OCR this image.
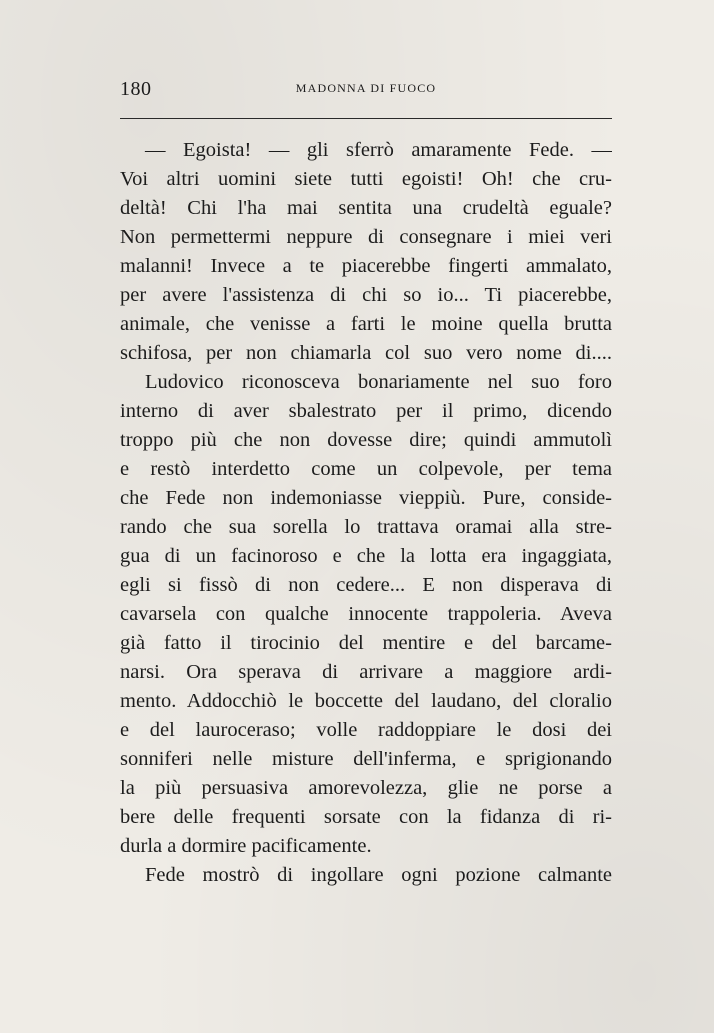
180	MADONNA DI FUOCO
— Egoista! — gli sferrò amaramente Fede. —
Voi altri uomini siete tutti egoisti! Oh! che cru-
deltà! Chi l'ha mai sentita una crudeltà eguale?
Non permettermi neppure di consegnare i miei veri
malanni! Invece a te piacerebbe fingerti ammalato,
per avere l'assistenza di chi so io... Ti piacerebbe,
animale, che venisse a farti le moine quella brutta
schifosa, per non chiamarla col suo vero nome di....
Ludovico riconosceva bonariamente nel suo foro
interno di aver sbalestrato per il primo, dicendo
troppo più che non dovesse dire; quindi ammutolì
e restò interdetto come un colpevole, per tema
che Fede non indemoniasse vieppiù. Pure, conside-
rando che sua sorella lo trattava oramai alla stre-
gua di un facinoroso e che la lotta era ingaggiata,
egli si fissò di non cedere... E non disperava di
cavarsela con qualche innocente trappoleria. Aveva
già fatto il tirocinio del mentire e del barcame-
narsi. Ora sperava di arrivare a maggiore ardi-
mento. Addocchiò le boccette del laudano, del cloralio
e del lauroceraso; volle raddoppiare le dosi dei
sonniferi nelle misture dell'inferma, e sprigionando
la più persuasiva amorevolezza, glie ne porse a
bere delle frequenti sorsate con la fidanza di ri-
durla a dormire pacificamente.
Fede mostrò di ingollare ogni pozione calmante
